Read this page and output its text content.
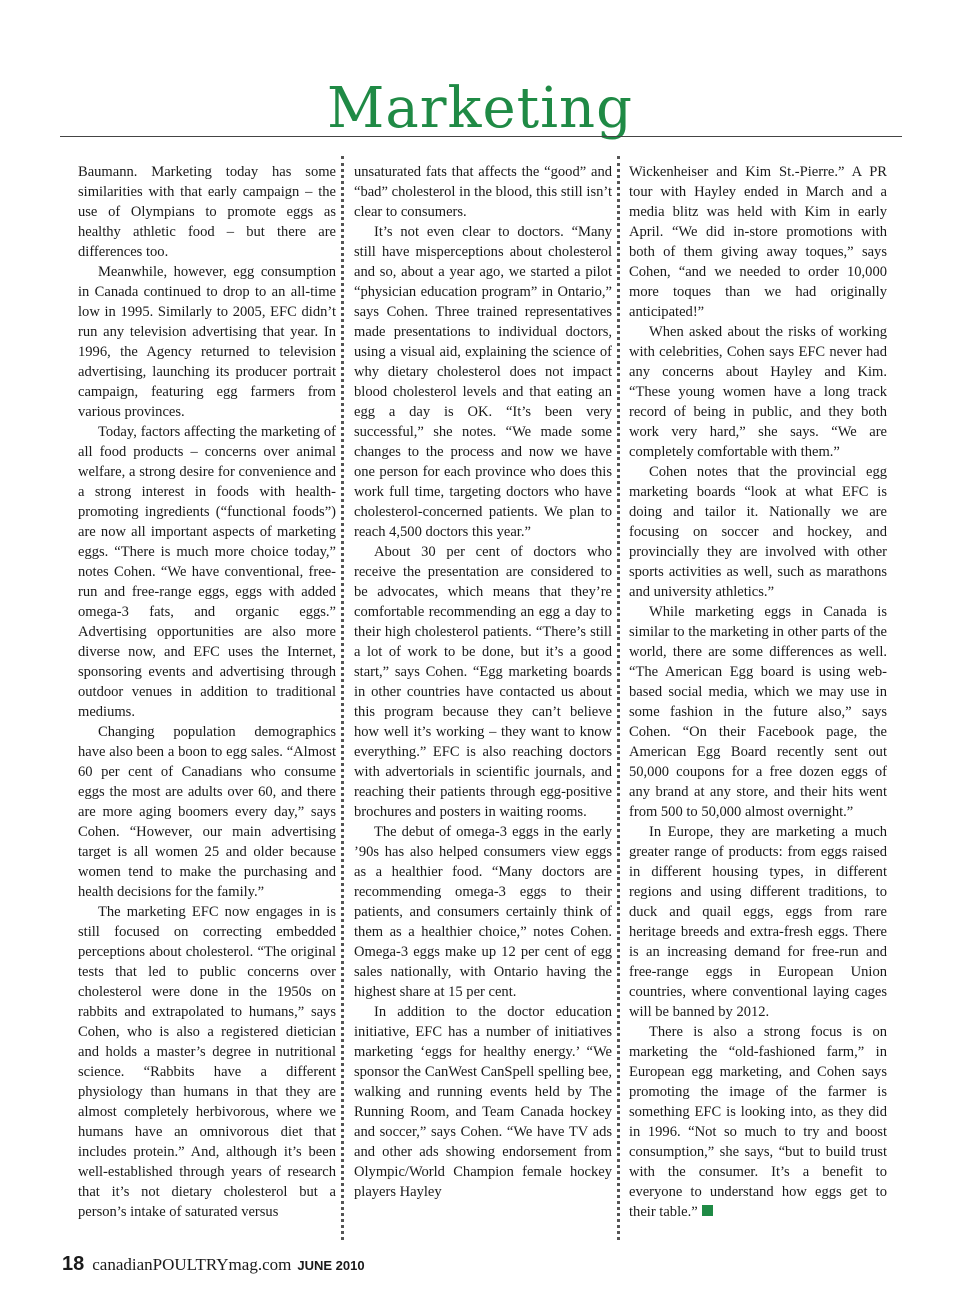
Marketing

Baumann. Marketing today has some similarities with that early campaign – the use of Olympians to promote eggs as healthy athletic food – but there are differences too.

Meanwhile, however, egg consumption in Canada continued to drop to an all-time low in 1995. Similarly to 2005, EFC didn’t run any television advertising that year. In 1996, the Agency returned to television advertising, launching its producer portrait campaign, featuring egg farmers from various provinces.

Today, factors affecting the marketing of all food products – concerns over animal welfare, a strong desire for convenience and a strong interest in foods with health-promoting ingredients (“functional foods”) are now all important aspects of marketing eggs. “There is much more choice today,” notes Cohen. “We have conventional, free-run and free-range eggs, eggs with added omega-3 fats, and organic eggs.” Advertising opportunities are also more diverse now, and EFC uses the Internet, sponsoring events and advertising through outdoor venues in addition to traditional mediums.

Changing population demographics have also been a boon to egg sales. “Almost 60 per cent of Canadians who consume eggs the most are adults over 60, and there are more aging boomers every day,” says Cohen. “However, our main advertising target is all women 25 and older because women tend to make the purchasing and health decisions for the family.”

The marketing EFC now engages in is still focused on correcting embedded perceptions about cholesterol. “The original tests that led to public concerns over cholesterol were done in the 1950s on rabbits and extrapolated to humans,” says Cohen, who is also a registered dietician and holds a master’s degree in nutritional science. “Rabbits have a different physiology than humans in that they are almost completely herbivorous, where we humans have an omnivorous diet that includes protein.” And, although it’s been well-established through years of research that it’s not dietary cholesterol but a person’s intake of saturated versus

unsaturated fats that affects the “good” and “bad” cholesterol in the blood, this still isn’t clear to consumers.

It’s not even clear to doctors. “Many still have misperceptions about cholesterol and so, about a year ago, we started a pilot “physician education program” in Ontario,” says Cohen. Three trained representatives made presentations to individual doctors, using a visual aid, explaining the science of why dietary cholesterol does not impact blood cholesterol levels and that eating an egg a day is OK. “It’s been very successful,” she notes. “We made some changes to the process and now we have one person for each province who does this work full time, targeting doctors who have cholesterol-concerned patients. We plan to reach 4,500 doctors this year.”

About 30 per cent of doctors who receive the presentation are considered to be advocates, which means that they’re comfortable recommending an egg a day to their high cholesterol patients. “There’s still a lot of work to be done, but it’s a good start,” says Cohen. “Egg marketing boards in other countries have contacted us about this program because they can’t believe how well it’s working – they want to know everything.” EFC is also reaching doctors with advertorials in scientific journals, and reaching their patients through egg-positive brochures and posters in waiting rooms.

The debut of omega-3 eggs in the early ’90s has also helped consumers view eggs as a healthier food. “Many doctors are recommending omega-3 eggs to their patients, and consumers certainly think of them as a healthier choice,” notes Cohen. Omega-3 eggs make up 12 per cent of egg sales nationally, with Ontario having the highest share at 15 per cent.

In addition to the doctor education initiative, EFC has a number of initiatives marketing ‘eggs for healthy energy.’ “We sponsor the CanWest CanSpell spelling bee, walking and running events held by The Running Room, and Team Canada hockey and soccer,” says Cohen. “We have TV ads and other ads showing endorsement from Olympic/World Champion female hockey players Hayley

Wickenheiser and Kim St.-Pierre.” A PR tour with Hayley ended in March and a media blitz was held with Kim in early April. “We did in-store promotions with both of them giving away toques,” says Cohen, “and we needed to order 10,000 more toques than we had originally anticipated!”

When asked about the risks of working with celebrities, Cohen says EFC never had any concerns about Hayley and Kim. “These young women have a long track record of being in public, and they both work very hard,” she says. “We are completely comfortable with them.”

Cohen notes that the provincial egg marketing boards “look at what EFC is doing and tailor it. Nationally we are focusing on soccer and hockey, and provincially they are involved with other sports activities as well, such as marathons and university athletics.”

While marketing eggs in Canada is similar to the marketing in other parts of the world, there are some differences as well. “The American Egg board is using web-based social media, which we may use in some fashion in the future also,” says Cohen. “On their Facebook page, the American Egg Board recently sent out 50,000 coupons for a free dozen eggs of any brand at any store, and their hits went from 500 to 50,000 almost overnight.”

In Europe, they are marketing a much greater range of products: from eggs raised in different housing types, in different regions and using different traditions, to duck and quail eggs, eggs from rare heritage breeds and extra-fresh eggs. There is an increasing demand for free-run and free-range eggs in European Union countries, where conventional laying cages will be banned by 2012.

There is also a strong focus is on marketing the “old-fashioned farm,” in European egg marketing, and Cohen says promoting the image of the farmer is something EFC is looking into, as they did in 1996. “Not so much to try and boost consumption,” she says, “but to build trust with the consumer. It’s a benefit to everyone to understand how eggs get to their table.”

18 canadianPOULTRYmag.com JUNE 2010
